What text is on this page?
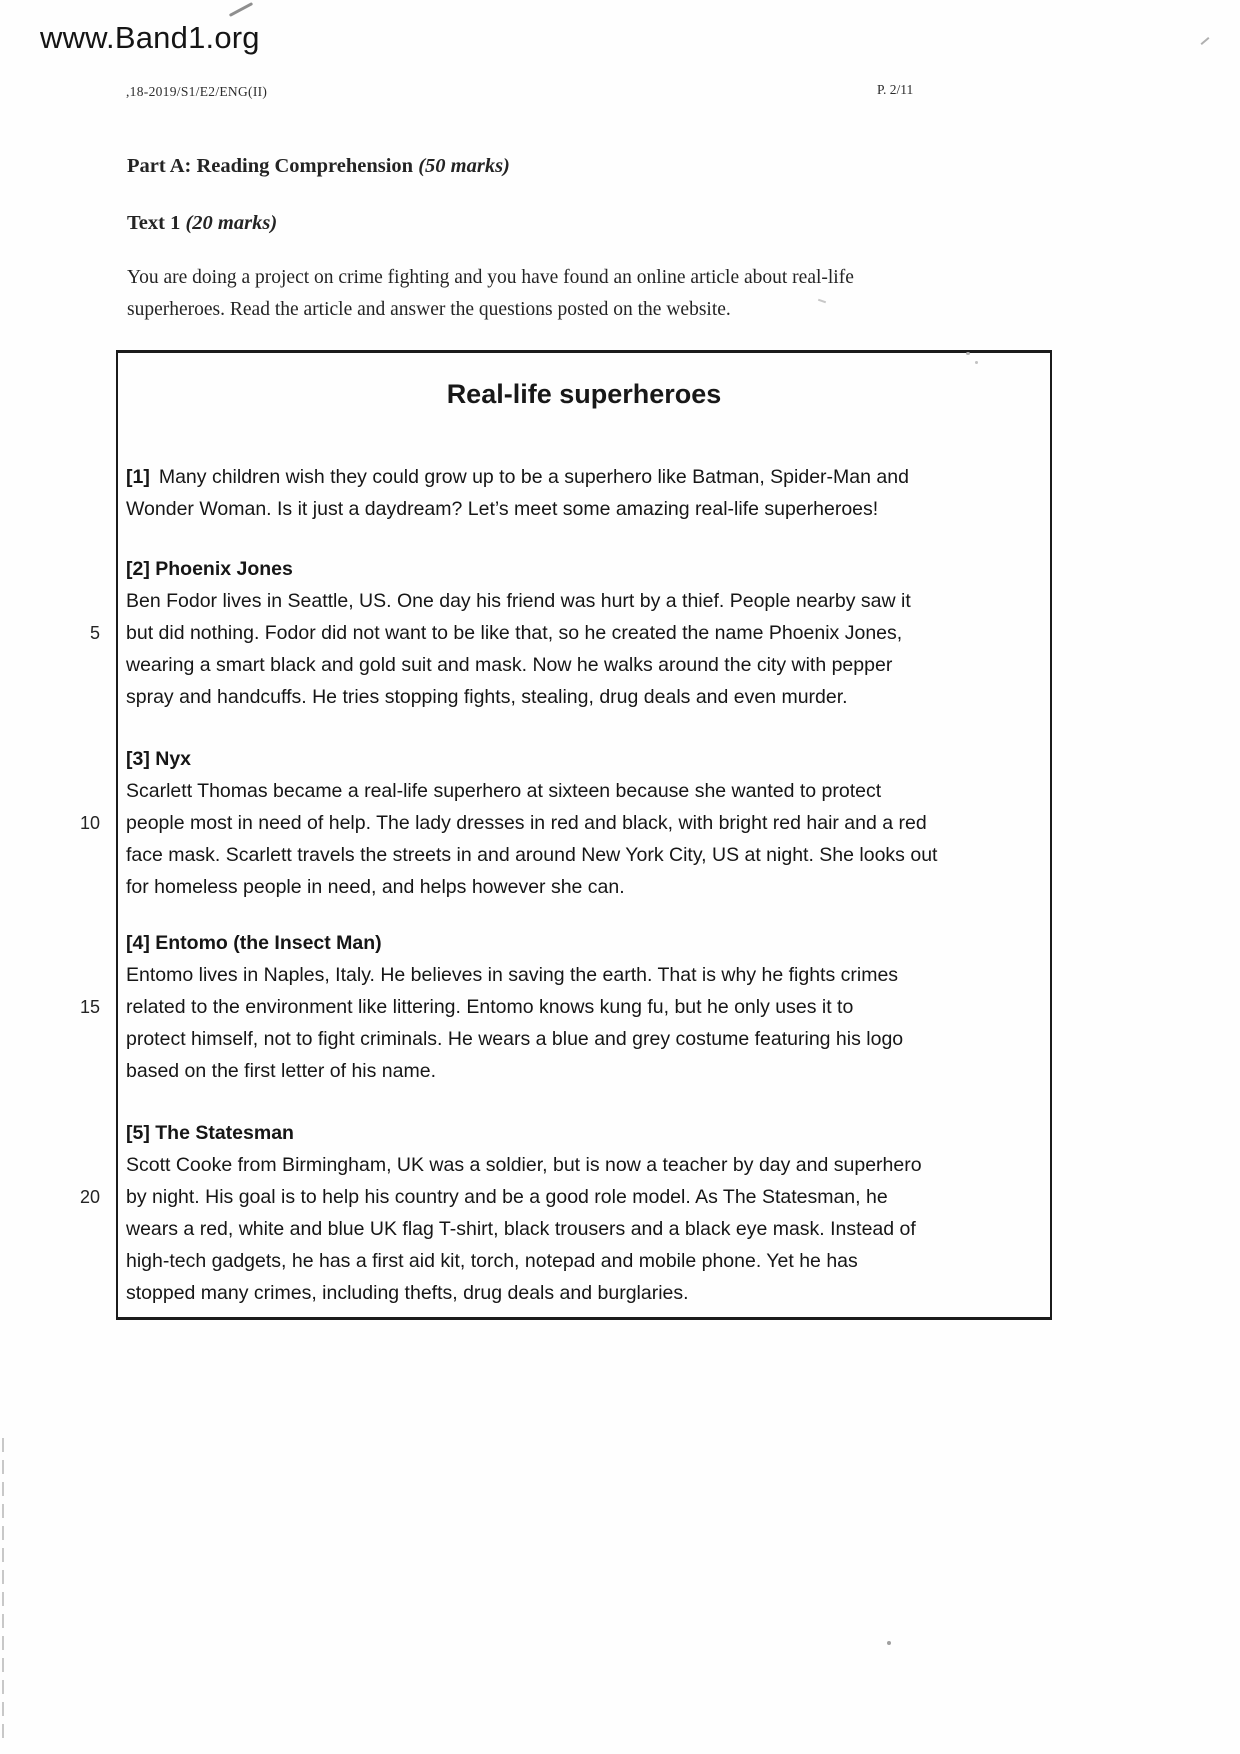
www.Band1.org
,18-2019/S1/E2/ENG(II)	P. 2/11
Part A: Reading Comprehension (50 marks)
Text 1 (20 marks)
You are doing a project on crime fighting and you have found an online article about real-life
superheroes. Read the article and answer the questions posted on the website.
Real-life superheroes
[1] Many children wish they could grow up to be a superhero like Batman, Spider-Man and
Wonder Woman. Is it just a daydream? Let’s meet some amazing real-life superheroes!
[2] Phoenix Jones
Ben Fodor lives in Seattle, US. One day his friend was hurt by a thief. People nearby saw it
5 but did nothing. Fodor did not want to be like that, so he created the name Phoenix Jones,
wearing a smart black and gold suit and mask. Now he walks around the city with pepper
spray and handcuffs. He tries stopping fights, stealing, drug deals and even murder.
[3] Nyx
Scarlett Thomas became a real-life superhero at sixteen because she wanted to protect
10 people most in need of help. The lady dresses in red and black, with bright red hair and a red
face mask. Scarlett travels the streets in and around New York City, US at night. She looks out
for homeless people in need, and helps however she can.
[4] Entomo (the Insect Man)
Entomo lives in Naples, Italy. He believes in saving the earth. That is why he fights crimes
15 related to the environment like littering. Entomo knows kung fu, but he only uses it to
protect himself, not to fight criminals. He wears a blue and grey costume featuring his logo
based on the first letter of his name.
[5] The Statesman
Scott Cooke from Birmingham, UK was a soldier, but is now a teacher by day and superhero
20 by night. His goal is to help his country and be a good role model. As The Statesman, he
wears a red, white and blue UK flag T-shirt, black trousers and a black eye mask. Instead of
high-tech gadgets, he has a first aid kit, torch, notepad and mobile phone. Yet he has
stopped many crimes, including thefts, drug deals and burglaries.
